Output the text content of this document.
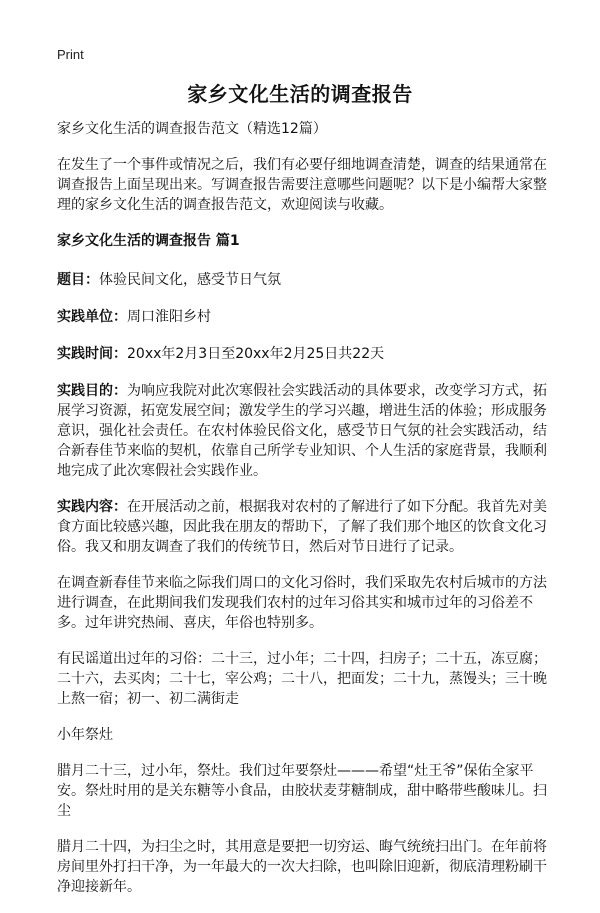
Print
家乡文化生活的调查报告

家乡文化生活的调查报告范文（精选12篇）

在发生了一个事件或情况之后，我们有必要仔细地调查清楚，调查的结果通常在调查报告上面呈现出来。写调查报告需要注意哪些问题呢？以下是小编帮大家整理的家乡文化生活的调查报告范文，欢迎阅读与收藏。

家乡文化生活的调查报告 篇1

题目：体验民间文化，感受节日气氛

实践单位：周口淮阳乡村

实践时间：20xx年2月3日至20xx年2月25日共22天

实践目的：为响应我院对此次寒假社会实践活动的具体要求，改变学习方式，拓展学习资源，拓宽发展空间；激发学生的学习兴趣，增进生活的体验；形成服务意识，强化社会责任。在农村体验民俗文化，感受节日气氛的社会实践活动，结合新春佳节来临的契机，依靠自己所学专业知识、个人生活的家庭背景，我顺利地完成了此次寒假社会实践作业。

实践内容：在开展活动之前，根据我对农村的了解进行了如下分配。我首先对美食方面比较感兴趣，因此我在朋友的帮助下，了解了我们那个地区的饮食文化习俗。我又和朋友调查了我们的传统节日，然后对节日进行了记录。

在调查新春佳节来临之际我们周口的文化习俗时，我们采取先农村后城市的方法进行调查，在此期间我们发现我们农村的过年习俗其实和城市过年的习俗差不多。过年讲究热闹、喜庆，年俗也特别多。

有民谣道出过年的习俗：二十三，过小年；二十四，扫房子；二十五，冻豆腐；二十六，去买肉；二十七，宰公鸡；二十八，把面发；二十九，蒸馒头；三十晚上熬一宿；初一、初二满街走

小年祭灶

腊月二十三，过小年，祭灶。我们过年要祭灶———希望“灶王爷”保佑全家平安。祭灶时用的是关东糖等小食品，由胶状麦芽糖制成，甜中略带些酸味儿。扫尘

腊月二十四，为扫尘之时，其用意是要把一切穷运、晦气统统扫出门。在年前将房间里外打扫干净，为一年最大的一次大扫除，也叫除旧迎新，彻底清理粉刷干净迎接新年。
